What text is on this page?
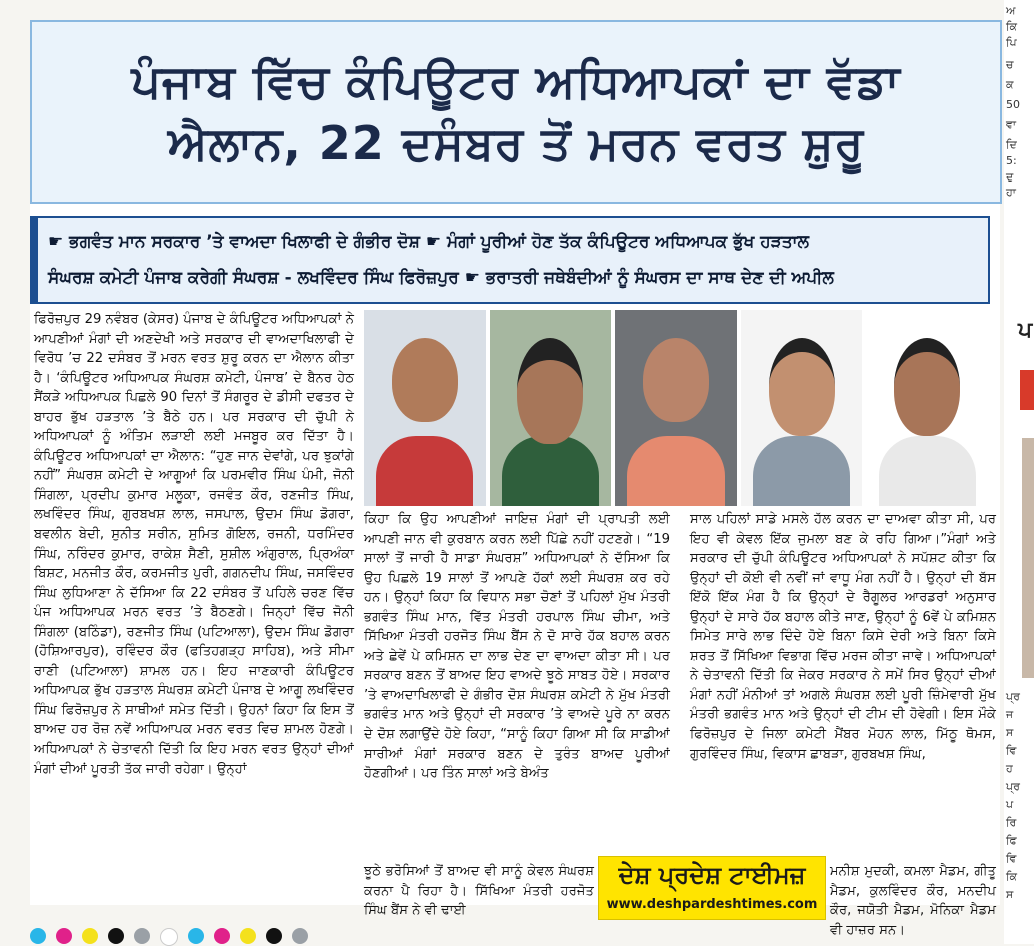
ਅ
ਕਿ
ਪਿ
ਚ
ਕ
50
ਵਾ
ਦਿ
5:
ਦੁ
ਹਾ
ਪ
ਪ੍ਰ
ਜ
ਸ
ਵਿ
ਹ
ਪ੍ਰ
ਪ
ਰਿ
ਫਿ
ਵਿ
ਕਿ
ਸ
ਪੰਜਾਬ ਵਿੱਚ ਕੰਪਿਊਟਰ ਅਧਿਆਪਕਾਂ ਦਾ ਵੱਡਾ
ਐਲਾਨ, 22 ਦਸੰਬਰ ਤੋਂ ਮਰਨ ਵਰਤ ਸ਼ੁਰੂ
☛ ਭਗਵੰਤ ਮਾਨ ਸਰਕਾਰ ’ਤੇ ਵਾਅਦਾ ਖਿਲਾਫੀ ਦੇ ਗੰਭੀਰ ਦੋਸ਼ ☛ ਮੰਗਾਂ ਪੂਰੀਆਂ ਹੋਣ ਤੱਕ ਕੰਪਿਊਟਰ ਅਧਿਆਪਕ ਭੁੱਖ ਹੜਤਾਲ
ਸੰਘਰਸ਼ ਕਮੇਟੀ ਪੰਜਾਬ ਕਰੇਗੀ ਸੰਘਰਸ਼ - ਲਖਵਿੰਦਰ ਸਿੰਘ ਫਿਰੋਜ਼ਪੁਰ ☛ ਭਰਾਤਰੀ ਜਥੇਬੰਦੀਆਂ ਨੂੰ ਸੰਘਰਸ ਦਾ ਸਾਥ ਦੇਣ ਦੀ ਅਪੀਲ
ਫਿਰੋਜ਼ਪੁਰ 29 ਨਵੰਬਰ (ਕੇਸਰ) ਪੰਜਾਬ ਦੇ ਕੰਪਿਊਟਰ ਅਧਿਆਪਕਾਂ ਨੇ ਆਪਣੀਆਂ ਮੰਗਾਂ ਦੀ ਅਣਦੇਖੀ ਅਤੇ ਸਰਕਾਰ ਦੀ ਵਾਅਦਾਖਿਲਾਫੀ ਦੇ ਵਿਰੋਧ ’ਚ 22 ਦਸੰਬਰ ਤੋਂ ਮਰਨ ਵਰਤ ਸ਼ੁਰੂ ਕਰਨ ਦਾ ਐਲਾਨ ਕੀਤਾ ਹੈ। ‘ਕੰਪਿਊਟਰ ਅਧਿਆਪਕ ਸੰਘਰਸ਼ ਕਮੇਟੀ, ਪੰਜਾਬ’ ਦੇ ਬੈਨਰ ਹੇਠ ਸੈਂਕੜੇ ਅਧਿਆਪਕ ਪਿਛਲੇ 90 ਦਿਨਾਂ ਤੋਂ ਸੰਗਰੂਰ ਦੇ ਡੀਸੀ ਦਫਤਰ ਦੇ ਬਾਹਰ ਭੁੱਖ ਹੜਤਾਲ ’ਤੇ ਬੈਠੇ ਹਨ। ਪਰ ਸਰਕਾਰ ਦੀ ਚੁੱਪੀ ਨੇ ਅਧਿਆਪਕਾਂ ਨੂੰ ਅੰਤਿਮ ਲੜਾਈ ਲਈ ਮਜਬੂਰ ਕਰ ਦਿੱਤਾ ਹੈ। ਕੰਪਿਊਟਰ ਅਧਿਆਪਕਾਂ ਦਾ ਐਲਾਨ: “ਹੁਣ ਜਾਨ ਦੇਵਾਂਗੇ, ਪਰ ਝੁਕਾਂਗੇ ਨਹੀਂ” ਸੰਘਰਸ਼ ਕਮੇਟੀ ਦੇ ਆਗੂਆਂ ਕਿ ਪਰਮਵੀਰ ਸਿੰਘ ਪੰਮੀ, ਜੋਨੀ ਸਿੰਗਲਾ, ਪ੍ਰਦੀਪ ਕੁਮਾਰ ਮਲੂਕਾ, ਰਜਵੰਤ ਕੌਰ, ਰਣਜੀਤ ਸਿੰਘ, ਲਖਵਿੰਦਰ ਸਿੰਘ, ਗੁਰਬਖਸ਼ ਲਾਲ, ਜਸਪਾਲ, ਉਦਮ ਸਿੰਘ ਡੋਗਰਾ, ਬਵਲੀਨ ਬੇਦੀ, ਸੁਨੀਤ ਸਰੀਨ, ਸੁਮਿਤ ਗੋਇਲ, ਰਜਨੀ, ਧਰਮਿੰਦਰ ਸਿੰਘ, ਨਰਿੰਦਰ ਕੁਮਾਰ, ਰਾਕੇਸ਼ ਸੈਣੀ, ਸੁਸ਼ੀਲ ਅੰਗੁਰਾਲ, ਪ੍ਰਿਅੰਕਾ ਬਿਸ਼ਟ, ਮਨਜੀਤ ਕੌਰ, ਕਰਮਜੀਤ ਪੁਰੀ, ਗਗਨਦੀਪ ਸਿੰਘ, ਜਸਵਿੰਦਰ ਸਿੰਘ ਲੁਧਿਆਣਾ ਨੇ ਦੱਸਿਆ ਕਿ 22 ਦਸੰਬਰ ਤੋਂ ਪਹਿਲੇ ਚਰਣ ਵਿੱਚ ਪੰਜ ਅਧਿਆਪਕ ਮਰਨ ਵਰਤ ’ਤੇ ਬੈਠਣਗੇ। ਜਿਨ੍ਹਾਂ ਵਿੱਚ ਜੋਨੀ ਸਿੰਗਲਾ (ਬਠਿੰਡਾ), ਰਣਜੀਤ ਸਿੰਘ (ਪਟਿਆਲਾ), ਉਦਮ ਸਿੰਘ ਡੋਗਰਾ (ਹੋਸ਼ਿਆਰਪੁਰ), ਰਵਿੰਦਰ ਕੌਰ (ਫਤਿਹਗੜ੍ਹ ਸਾਹਿਬ), ਅਤੇ ਸੀਮਾ ਰਾਣੀ (ਪਟਿਆਲਾ) ਸ਼ਾਮਲ ਹਨ। ਇਹ ਜਾਣਕਾਰੀ ਕੰਪਿਊਟਰ ਅਧਿਆਪਕ ਭੁੱਖ ਹੜਤਾਲ ਸੰਘਰਸ਼ ਕਮੇਟੀ ਪੰਜਾਬ ਦੇ ਆਗੂ ਲਖਵਿੰਦਰ ਸਿੰਘ ਫਿਰੋਜ਼ਪੁਰ ਨੇ ਸਾਥੀਆਂ ਸਮੇਤ ਦਿੱਤੀ। ਉਹਨਾਂ ਕਿਹਾ ਕਿ ਇਸ ਤੋਂ ਬਾਅਦ ਹਰ ਰੋਜ਼ ਨਵੇਂ ਅਧਿਆਪਕ ਮਰਨ ਵਰਤ ਵਿਚ ਸ਼ਾਮਲ ਹੋਣਗੇ। ਅਧਿਆਪਕਾਂ ਨੇ ਚੇਤਾਵਨੀ ਦਿੱਤੀ ਕਿ ਇਹ ਮਰਨ ਵਰਤ ਉਨ੍ਹਾਂ ਦੀਆਂ ਮੰਗਾਂ ਦੀਆਂ ਪੂਰਤੀ ਤੱਕ ਜਾਰੀ ਰਹੇਗਾ। ਉਨ੍ਹਾਂ
ਕਿਹਾ ਕਿ ਉਹ ਆਪਣੀਆਂ ਜਾਇਜ਼ ਮੰਗਾਂ ਦੀ ਪ੍ਰਾਪਤੀ ਲਈ ਆਪਣੀ ਜਾਨ ਵੀ ਕੁਰਬਾਨ ਕਰਨ ਲਈ ਪਿੱਛੇ ਨਹੀਂ ਹਟਣਗੇ। “19 ਸਾਲਾਂ ਤੋਂ ਜਾਰੀ ਹੈ ਸਾਡਾ ਸੰਘਰਸ਼” ਅਧਿਆਪਕਾਂ ਨੇ ਦੱਸਿਆ ਕਿ ਉਹ ਪਿਛਲੇ 19 ਸਾਲਾਂ ਤੋਂ ਆਪਣੇ ਹੱਕਾਂ ਲਈ ਸੰਘਰਸ਼ ਕਰ ਰਹੇ ਹਨ। ਉਨ੍ਹਾਂ ਕਿਹਾ ਕਿ ਵਿਧਾਨ ਸਭਾ ਚੋਣਾਂ ਤੋਂ ਪਹਿਲਾਂ ਮੁੱਖ ਮੰਤਰੀ ਭਗਵੰਤ ਸਿੰਘ ਮਾਨ, ਵਿੱਤ ਮੰਤਰੀ ਹਰਪਾਲ ਸਿੰਘ ਚੀਮਾ, ਅਤੇ ਸਿੱਖਿਆ ਮੰਤਰੀ ਹਰਜੋਤ ਸਿੰਘ ਬੈਂਸ ਨੇ ਦੋ ਸਾਰੇ ਹੱਕ ਬਹਾਲ ਕਰਨ ਅਤੇ ਛੇਵੇਂ ਪੇ ਕਮਿਸ਼ਨ ਦਾ ਲਾਭ ਦੇਣ ਦਾ ਵਾਅਦਾ ਕੀਤਾ ਸੀ। ਪਰ ਸਰਕਾਰ ਬਣਨ ਤੋਂ ਬਾਅਦ ਇਹ ਵਾਅਦੇ ਝੂਠੇ ਸਾਬਤ ਹੋਏ। ਸਰਕਾਰ ’ਤੇ ਵਾਅਦਾਖਿਲਾਫੀ ਦੇ ਗੰਭੀਰ ਦੋਸ਼ ਸੰਘਰਸ਼ ਕਮੇਟੀ ਨੇ ਮੁੱਖ ਮੰਤਰੀ ਭਗਵੰਤ ਮਾਨ ਅਤੇ ਉਨ੍ਹਾਂ ਦੀ ਸਰਕਾਰ ’ਤੇ ਵਾਅਦੇ ਪੂਰੇ ਨਾ ਕਰਨ ਦੇ ਦੋਸ਼ ਲਗਾਉਂਦੇ ਹੋਏ ਕਿਹਾ, “ਸਾਨੂੰ ਕਿਹਾ ਗਿਆ ਸੀ ਕਿ ਸਾਡੀਆਂ ਸਾਰੀਆਂ ਮੰਗਾਂ ਸਰਕਾਰ ਬਣਨ ਦੇ ਤੁਰੰਤ ਬਾਅਦ ਪੂਰੀਆਂ ਹੋਣਗੀਆਂ। ਪਰ ਤਿੰਨ ਸਾਲਾਂ ਅਤੇ ਬੇਅੰਤ
ਸਾਲ ਪਹਿਲਾਂ ਸਾਡੇ ਮਸਲੇ ਹੱਲ ਕਰਨ ਦਾ ਦਾਅਵਾ ਕੀਤਾ ਸੀ, ਪਰ ਇਹ ਵੀ ਕੇਵਲ ਇੱਕ ਜੁਮਲਾ ਬਣ ਕੇ ਰਹਿ ਗਿਆ।”ਮੰਗਾਂ ਅਤੇ ਸਰਕਾਰ ਦੀ ਚੁੱਪੀ ਕੰਪਿਊਟਰ ਅਧਿਆਪਕਾਂ ਨੇ ਸਪੱਸ਼ਟ ਕੀਤਾ ਕਿ ਉਨ੍ਹਾਂ ਦੀ ਕੋਈ ਵੀ ਨਵੀਂ ਜਾਂ ਵਾਧੂ ਮੰਗ ਨਹੀਂ ਹੈ। ਉਨ੍ਹਾਂ ਦੀ ਬੱਸ ਇੱਕੋ ਇੱਕ ਮੰਗ ਹੈ ਕਿ ਉਨ੍ਹਾਂ ਦੇ ਰੈਗੂਲਰ ਆਰਡਰਾਂ ਅਨੁਸਾਰ ਉਨ੍ਹਾਂ ਦੇ ਸਾਰੇ ਹੱਕ ਬਹਾਲ ਕੀਤੇ ਜਾਣ, ਉਨ੍ਹਾਂ ਨੂੰ 6ਵੇਂ ਪੇ ਕਮਿਸ਼ਨ ਸਿਮੇਤ ਸਾਰੇ ਲਾਭ ਦਿੰਦੇ ਹੋਏ ਬਿਨਾ ਕਿਸੇ ਦੇਰੀ ਅਤੇ ਬਿਨਾ ਕਿਸੇ ਸ਼ਰਤ ਤੋਂ ਸਿੱਖਿਆ ਵਿਭਾਗ ਵਿੱਚ ਮਰਜ ਕੀਤਾ ਜਾਵੇ। ਅਧਿਆਪਕਾਂ ਨੇ ਚੇਤਾਵਨੀ ਦਿੱਤੀ ਕਿ ਜੇਕਰ ਸਰਕਾਰ ਨੇ ਸਮੇਂ ਸਿਰ ਉਨ੍ਹਾਂ ਦੀਆਂ ਮੰਗਾਂ ਨਹੀਂ ਮੰਨੀਆਂ ਤਾਂ ਅਗਲੇ ਸੰਘਰਸ਼ ਲਈ ਪੂਰੀ ਜ਼ਿੰਮੇਵਾਰੀ ਮੁੱਖ ਮੰਤਰੀ ਭਗਵੰਤ ਮਾਨ ਅਤੇ ਉਨ੍ਹਾਂ ਦੀ ਟੀਮ ਦੀ ਹੋਵੇਗੀ। ਇਸ ਮੌਕੇ ਫਿਰੋਜ਼ਪੁਰ ਦੇ ਜਿਲਾ ਕਮੇਟੀ ਮੈਂਬਰ ਮੋਹਨ ਲਾਲ, ਮਿੱਠੂ ਥੋਮਸ, ਗੁਰਵਿੰਦਰ ਸਿੰਘ, ਵਿਕਾਸ ਛਾਬੜਾ, ਗੁਰਬਖਸ਼ ਸਿੰਘ,
ਝੂਠੇ ਭਰੋਸਿਆਂ ਤੋਂ ਬਾਅਦ ਵੀ ਸਾਨੂੰ ਕੇਵਲ ਸੰਘਰਸ਼ ਕਰਨਾ ਪੈ ਰਿਹਾ ਹੈ। ਸਿੱਖਿਆ ਮੰਤਰੀ ਹਰਜੋਤ ਸਿੰਘ ਬੈਂਸ ਨੇ ਵੀ ਢਾਈ
ਮਨੀਸ਼ ਮੁਦਕੀ, ਕਮਲਾ ਮੈਡਮ, ਗੀਤੂ ਮੈਡਮ, ਕੁਲਵਿੰਦਰ ਕੌਰ, ਮਨਦੀਪ ਕੌਰ, ਜਯੋਤੀ ਮੈਡਮ, ਮੋਨਿਕਾ ਮੈਡਮ ਵੀ ਹਾਜ਼ਰ ਸਨ।
ਦੇਸ਼ ਪ੍ਰਦੇਸ਼ ਟਾਈਮਜ਼
www.deshpardeshtimes.com
